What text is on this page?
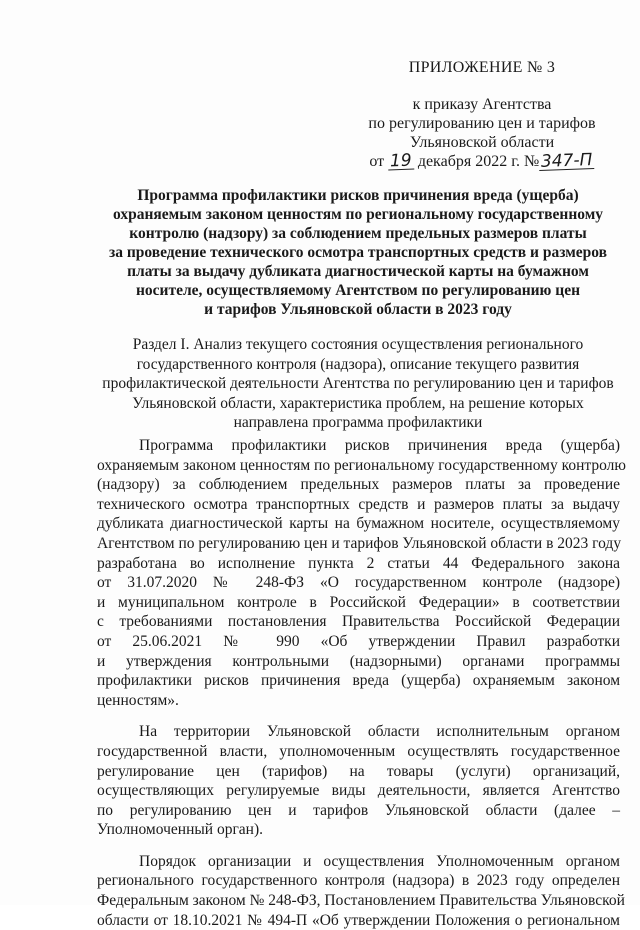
ПРИЛОЖЕНИЕ № 3
к приказу Агентства
по регулированию цен и тарифов
Ульяновской области
от 19 декабря 2022 г. №347-П
Программа профилактики рисков причинения вреда (ущерба)
охраняемым законом ценностям по региональному государственному
контролю (надзору) за соблюдением предельных размеров платы
за проведение технического осмотра транспортных средств и размеров
платы за выдачу дубликата диагностической карты на бумажном
носителе, осуществляемому Агентством по регулированию цен
и тарифов Ульяновской области в 2023 году
Раздел I. Анализ текущего состояния осуществления регионального
государственного контроля (надзора), описание текущего развития
профилактической деятельности Агентства по регулированию цен и тарифов
Ульяновской области, характеристика проблем, на решение которых
направлена программа профилактики
Программа профилактики рисков причинения вреда (ущерба)
охраняемым законом ценностям по региональному государственному контролю
(надзору) за соблюдением предельных размеров платы за проведение
технического осмотра транспортных средств и размеров платы за выдачу
дубликата диагностической карты на бумажном носителе, осуществляемому
Агентством по регулированию цен и тарифов Ульяновской области в 2023 году
разработана во исполнение пункта 2 статьи 44 Федерального закона
от 31.07.2020 № 248-ФЗ «О государственном контроле (надзоре)
и муниципальном контроле в Российской Федерации» в соответствии
с требованиями постановления Правительства Российской Федерации
от 25.06.2021 № 990 «Об утверждении Правил разработки
и утверждения контрольными (надзорными) органами программы
профилактики рисков причинения вреда (ущерба) охраняемым законом
ценностям».
На территории Ульяновской области исполнительным органом
государственной власти, уполномоченным осуществлять государственное
регулирование цен (тарифов) на товары (услуги) организаций,
осуществляющих регулируемые виды деятельности, является Агентство
по регулированию цен и тарифов Ульяновской области (далее –
Уполномоченный орган).
Порядок организации и осуществления Уполномоченным органом
регионального государственного контроля (надзора) в 2023 году определен
Федеральным законом № 248-ФЗ, Постановлением Правительства Ульяновской
области от 18.10.2021 № 494-П «Об утверждении Положения о региональном
